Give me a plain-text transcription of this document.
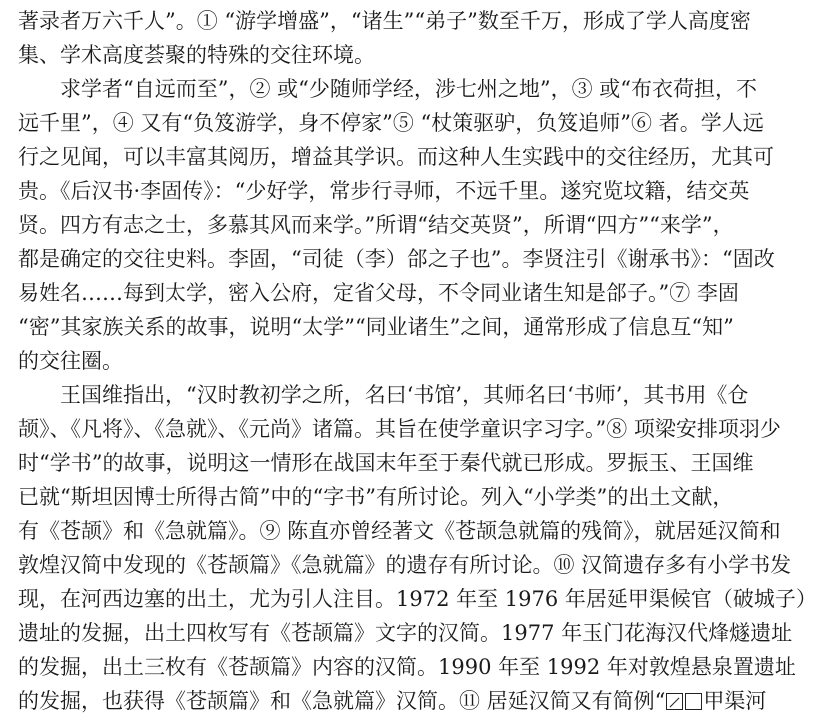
著录者万六千人”。① “游学增盛”，“诸生”“弟子”数至千万，形成了学人高度密
集、学术高度荟聚的特殊的交往环境。

求学者“自远而至”，② 或“少随师学经，涉七州之地”，③ 或“布衣荷担，不
远千里”，④ 又有“负笈游学，身不停家”⑤ “杖策驱驴，负笈追师”⑥ 者。学人远
行之见闻，可以丰富其阅历，增益其学识。而这种人生实践中的交往经历，尤其可
贵。《后汉书·李固传》：“少好学，常步行寻师，不远千里。遂究览坟籍，结交英
贤。四方有志之士，多慕其风而来学。”所谓“结交英贤”，所谓“四方”“来学”，
都是确定的交往史料。李固，“司徒（李）郃之子也”。李贤注引《谢承书》：“固改
易姓名……每到太学，密入公府，定省父母，不令同业诸生知是郃子。”⑦ 李固
“密”其家族关系的故事，说明“太学”“同业诸生”之间，通常形成了信息互“知”
的交往圈。

王国维指出，“汉时教初学之所，名曰‘书馆’，其师名曰‘书师’，其书用《仓
颉》、《凡将》、《急就》、《元尚》诸篇。其旨在使学童识字习字。”⑧ 项梁安排项羽少
时“学书”的故事，说明这一情形在战国末年至于秦代就已形成。罗振玉、王国维
已就“斯坦因博士所得古简”中的“字书”有所讨论。列入“小学类”的出土文献，
有《苍颉》和《急就篇》。⑨ 陈直亦曾经著文《苍颉急就篇的残简》，就居延汉简和
敦煌汉简中发现的《苍颉篇》《急就篇》的遗存有所讨论。⑩ 汉简遗存多有小学书发
现，在河西边塞的出土，尤为引人注目。1972 年至 1976 年居延甲渠候官（破城子）
遗址的发掘，出土四枚写有《苍颉篇》文字的汉简。1977 年玉门花海汉代烽燧遗址
的发掘，出土三枚有《苍颉篇》内容的汉简。1990 年至 1992 年对敦煌悬泉置遗址
的发掘，也获得《苍颉篇》和《急就篇》汉简。⑪ 居延汉简又有简例“ 甲渠河
